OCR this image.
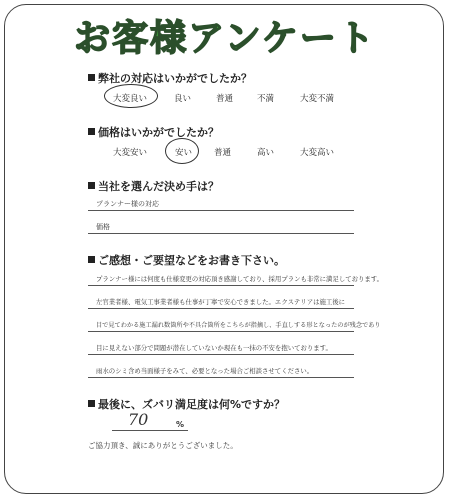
お客様アンケート
弊社の対応はいかがでしたか？
大変良い	良い	普通	不満	大変不満
価格はいかがでしたか？
大変安い	安い	普通	高い	大変高い
当社を選んだ決め手は？
プランナー様の対応
価格
ご感想・ご要望などをお書き下さい。
プランナー様には何度も仕様変更の対応頂き感謝しており、採用プランも非常に満足しております。
左官業者様、電気工事業者様も仕事が丁寧で安心できました。エクステリアは施工後に
目で見てわかる施工漏れ数箇所や不具合箇所をこちらが指摘し、手直しする形となったのが残念であり
目に見えない部分で問題が潜在していないか現在も一抹の不安を抱いております。
雨水のシミ含め当面様子をみて、必要となった場合ご相談させてください。
最後に、ズバリ満足度は何%ですか？
70	%
ご協力頂き、誠にありがとうございました。
